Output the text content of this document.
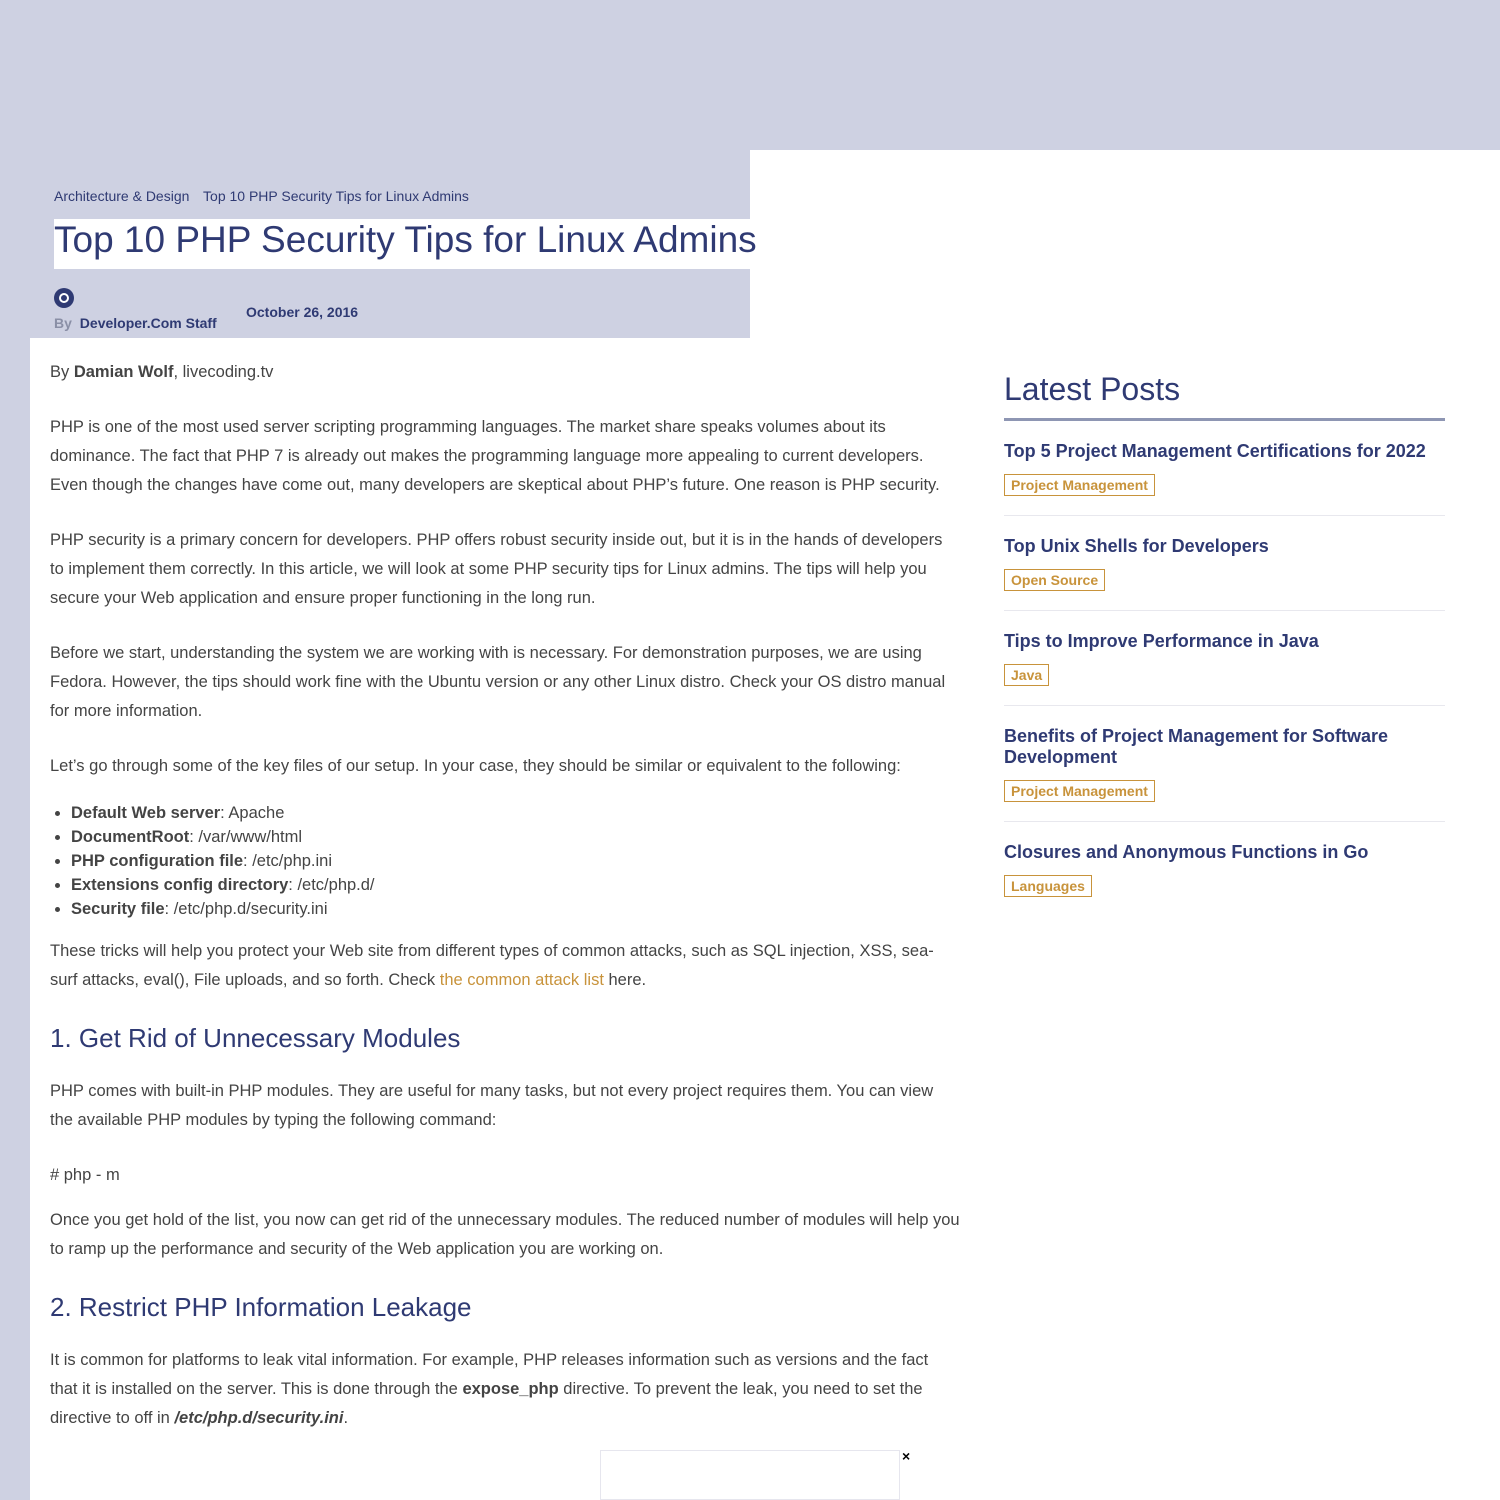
Architecture & Design Top 10 PHP Security Tips for Linux Admins
Top 10 PHP Security Tips for Linux Admins
By Developer.Com Staff
October 26, 2016

By Damian Wolf, livecoding.tv

PHP is one of the most used server scripting programming languages. The market share speaks volumes about its dominance. The fact that PHP 7 is already out makes the programming language more appealing to current developers. Even though the changes have come out, many developers are skeptical about PHP’s future. One reason is PHP security.

PHP security is a primary concern for developers. PHP offers robust security inside out, but it is in the hands of developers to implement them correctly. In this article, we will look at some PHP security tips for Linux admins. The tips will help you secure your Web application and ensure proper functioning in the long run.

Before we start, understanding the system we are working with is necessary. For demonstration purposes, we are using Fedora. However, the tips should work fine with the Ubuntu version or any other Linux distro. Check your OS distro manual for more information.

Let’s go through some of the key files of our setup. In your case, they should be similar or equivalent to the following:

• Default Web server: Apache
• DocumentRoot: /var/www/html
• PHP configuration file: /etc/php.ini
• Extensions config directory: /etc/php.d/
• Security file: /etc/php.d/security.ini

These tricks will help you protect your Web site from different types of common attacks, such as SQL injection, XSS, sea-surf attacks, eval(), File uploads, and so forth. Check the common attack list here.

1. Get Rid of Unnecessary Modules

PHP comes with built-in PHP modules. They are useful for many tasks, but not every project requires them. You can view the available PHP modules by typing the following command:

# php - m

Once you get hold of the list, you now can get rid of the unnecessary modules. The reduced number of modules will help you to ramp up the performance and security of the Web application you are working on.

2. Restrict PHP Information Leakage

It is common for platforms to leak vital information. For example, PHP releases information such as versions and the fact that it is installed on the server. This is done through the expose_php directive. To prevent the leak, you need to set the directive to off in /etc/php.d/security.ini.

Latest Posts
Top 5 Project Management Certifications for 2022
Project Management
Top Unix Shells for Developers
Open Source
Tips to Improve Performance in Java
Java
Benefits of Project Management for Software Development
Project Management
Closures and Anonymous Functions in Go
Languages
×
